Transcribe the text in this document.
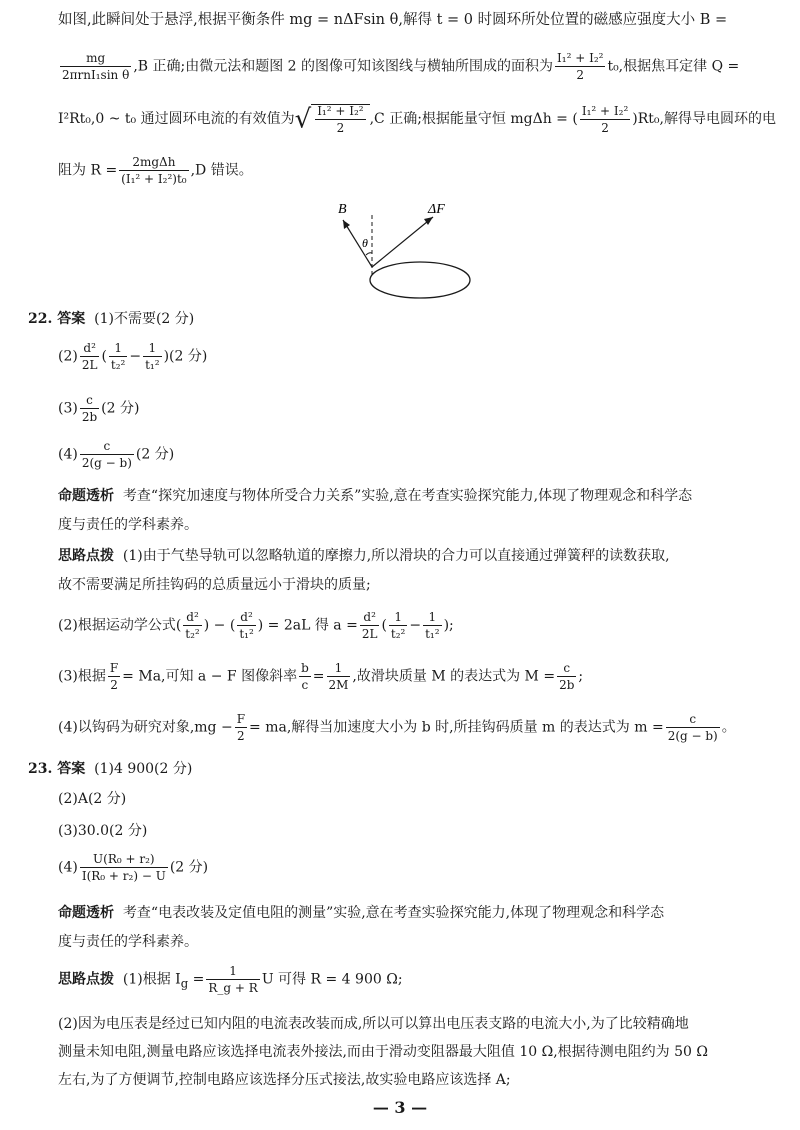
如图,此瞬间处于悬浮,根据平衡条件 mg = nΔFsin θ,解得 t = 0 时圆环所处位置的磁感应强度大小 B =
$\frac{mg}{\text{2πrnI₁sin θ}} ,B$ 正确;由微元法和题图 2 的图像可知该图线与横轴所围成的面积为 $\frac{\text{I₁² + I₂²}}{2} t_0$,根据焦耳定律 Q =
I²Rt₀,0 ~ t₀ 通过圆环电流的有效值为√ $\frac{\text{I₁² + I₂²}}{2} ,C$ 正确;根据能量守恒 mgΔh = ( $\frac{\text{I₁² + I₂²}}{2} )Rt_0$,解得导电圆环的电
阻为 $R = \frac{\text{2mgΔh}}{\text{(I₁² + I₂²)t₀}} ,D$ 错误。
B	ΔF
θ
22. 答案 (1)不需要(2 分)
$(2) \frac{\text{d²}}{2L}$ ( $\frac{1}{\text{t₂²}} - \frac{1}{\text{t₁²}} )(2$ 分)
$(3) \frac{c}{2b} (2$ 分)
$(4) \frac{c}{2(g - b)} (2$ 分)
命题透析 考查“探究加速度与物体所受合力关系”实验,意在考查实验探究能力,体现了物理观念和科学态
度与责任的学科素养。
思路点拨 (1)由于气垫导轨可以忽略轨道的摩擦力,所以滑块的合力可以直接通过弹簧秤的读数获取,
故不需要满足所挂钩码的总质量远小于滑块的质量;
(2)根据运动学公式( $\frac{\text{d²}}{\text{t₂²}}$ ) − ( $\frac{\text{d²}}{\text{t₁²}}$ ) = 2aL 得 $a = \frac{\text{d²}}{2L}$ ( $\frac{1}{\text{t₂²}} - \frac{1}{\text{t₁²}}$ );
(3)根据 $\frac{F}{2} = Ma$,可知 a − F 图像斜率 $\frac{b}{c} = \frac{1}{2M}$ ,故滑块质量 M 的表达式为 $M = \frac{c}{2b}$ ;
(4)以钩码为研究对象$,mg - \frac{F}{2}$ = ma,解得当加速度大小为 b 时,所挂钩码质量 m 的表达式为 $m = \frac{c}{2(g - b)}$ 。
23. 答案 (1)4 900(2 分)
(2)A(2 分)
(3)30.0(2 分)
$(4) \frac{\text{U(R₀ + r₂)}}{\text{I(R₀ + r₂) − U}} (2$ 分)
命题透析 考查“电表改装及定值电阻的测量”实验,意在考查实验探究能力,体现了物理观念和科学态
度与责任的学科素养。
思路点拨 (1)根据 $I_g = \frac{1}{R\_g + R}$ U 可得 R = 4 900 Ω;
(2)因为电压表是经过已知内阻的电流表改装而成,所以可以算出电压表支路的电流大小,为了比较精确地
测量未知电阻,测量电路应该选择电流表外接法,而由于滑动变阻器最大阻值 10 Ω,根据待测电阻约为 50 Ω
左右,为了方便调节,控制电路应该选择分压式接法,故实验电路应该选择 A;
— 3 —
